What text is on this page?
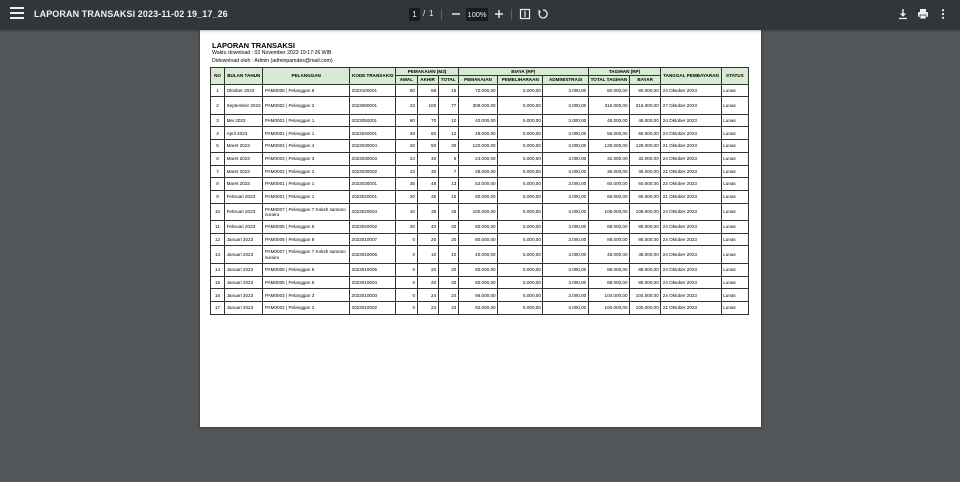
LAPORAN TRANSAKSI 2023-11-02 19_17_26
1	/ 1
100%
LAPORAN TRANSAKSI
Waktu download : 02 November 2023 19:17:26 WIB
Didownload oleh : Admin (adminpamdes@mail.com)
NO	BULAN TAHUN	PELANGGAN	KODE TRANSAKSI	PEMAKAIAN (M3)			BIAYA (RP)			TAGIHAN (RP)		TANGGAL PEMBAYARAN	STATUS
				AWAL	AKHIR	TOTAL	PEMAKAIAN	PEMELIHARAAN	ADMINISTRASI	TOTAL TAGIHAN	BAYAR		
1	Oktober 2023	PAM0008 | Pelanggan 8	2023100001	50	68	18	72.000,00	5.000,00	3.000,00	80.000,00	80.000,00	24 Oktober 2023	Lunas
2	September 2023	PAM0002 | Pelanggan 2	2023090001	23	100	77	308.000,00	5.000,00	3.000,00	316.000,00	316.000,00	27 Oktober 2023	Lunas
3	Mei 2023	PAM0001 | Pelanggan 1	2023050001	60	70	10	40.000,00	5.000,00	3.000,00	48.000,00	48.000,00	24 Oktober 2023	Lunas
4	April 2023	PAM0001 | Pelanggan 1	2023040001	48	60	12	48.000,00	5.000,00	3.000,00	56.000,00	56.000,00	24 Oktober 2023	Lunas
5	Maret 2023	PAM0004 | Pelanggan 4	2023030004	20	50	30	120.000,00	5.000,00	3.000,00	128.000,00	128.000,00	21 Oktober 2023	Lunas
6	Maret 2023	PAM0003 | Pelanggan 3	2023030003	24	30	6	24.000,00	5.000,00	3.000,00	32.000,00	32.000,00	24 Oktober 2023	Lunas
7	Maret 2023	PAM0002 | Pelanggan 2	2023030002	23	30	7	28.000,00	5.000,00	3.000,00	36.000,00	36.000,00	21 Oktober 2023	Lunas
8	Maret 2023	PAM0001 | Pelanggan 1	2023030001	35	48	13	52.000,00	5.000,00	3.000,00	60.000,00	60.000,00	22 Oktober 2023	Lunas
9	Februari 2023	PAM0001 | Pelanggan 1	2023020001	20	35	15	60.000,00	5.000,00	3.000,00	68.000,00	68.000,00	21 Oktober 2023	Lunas
10	Februari 2023	PAM0007 | Pelanggan 7 Koksh santoso nurairo	2023020004	10	35	25	100.000,00	5.000,00	3.000,00	108.000,00	108.000,00	24 Oktober 2023	Lunas
11	Februari 2023	PAM0005 | Pelanggan 5	2023020002	20	40	20	80.000,00	5.000,00	3.000,00	88.000,00	88.000,00	24 Oktober 2023	Lunas
12	Januari 2023	PAM0008 | Pelanggan 8	2023010007	0	20	20	80.000,00	5.000,00	3.000,00	88.000,00	88.000,00	24 Oktober 2023	Lunas
13	Januari 2023	PAM0007 | Pelanggan 7 Koksh santoso nurairo	2023010006	0	10	10	40.000,00	5.000,00	3.000,00	48.000,00	48.000,00	24 Oktober 2023	Lunas
14	Januari 2023	PAM0006 | Pelanggan 6	2023010005	0	20	20	80.000,00	5.000,00	3.000,00	88.000,00	88.000,00	24 Oktober 2023	Lunas
15	Januari 2023	PAM0005 | Pelanggan 5	2023010004	0	20	20	80.000,00	5.000,00	3.000,00	88.000,00	88.000,00	24 Oktober 2023	Lunas
16	Januari 2023	PAM0003 | Pelanggan 3	2023010003	0	24	24	96.000,00	5.000,00	3.000,00	104.000,00	104.000,00	24 Oktober 2023	Lunas
17	Januari 2023	PAM0002 | Pelanggan 2	2023010002	0	23	23	92.000,00	5.000,00	3.000,00	100.000,00	100.000,00	21 Oktober 2023	Lunas
